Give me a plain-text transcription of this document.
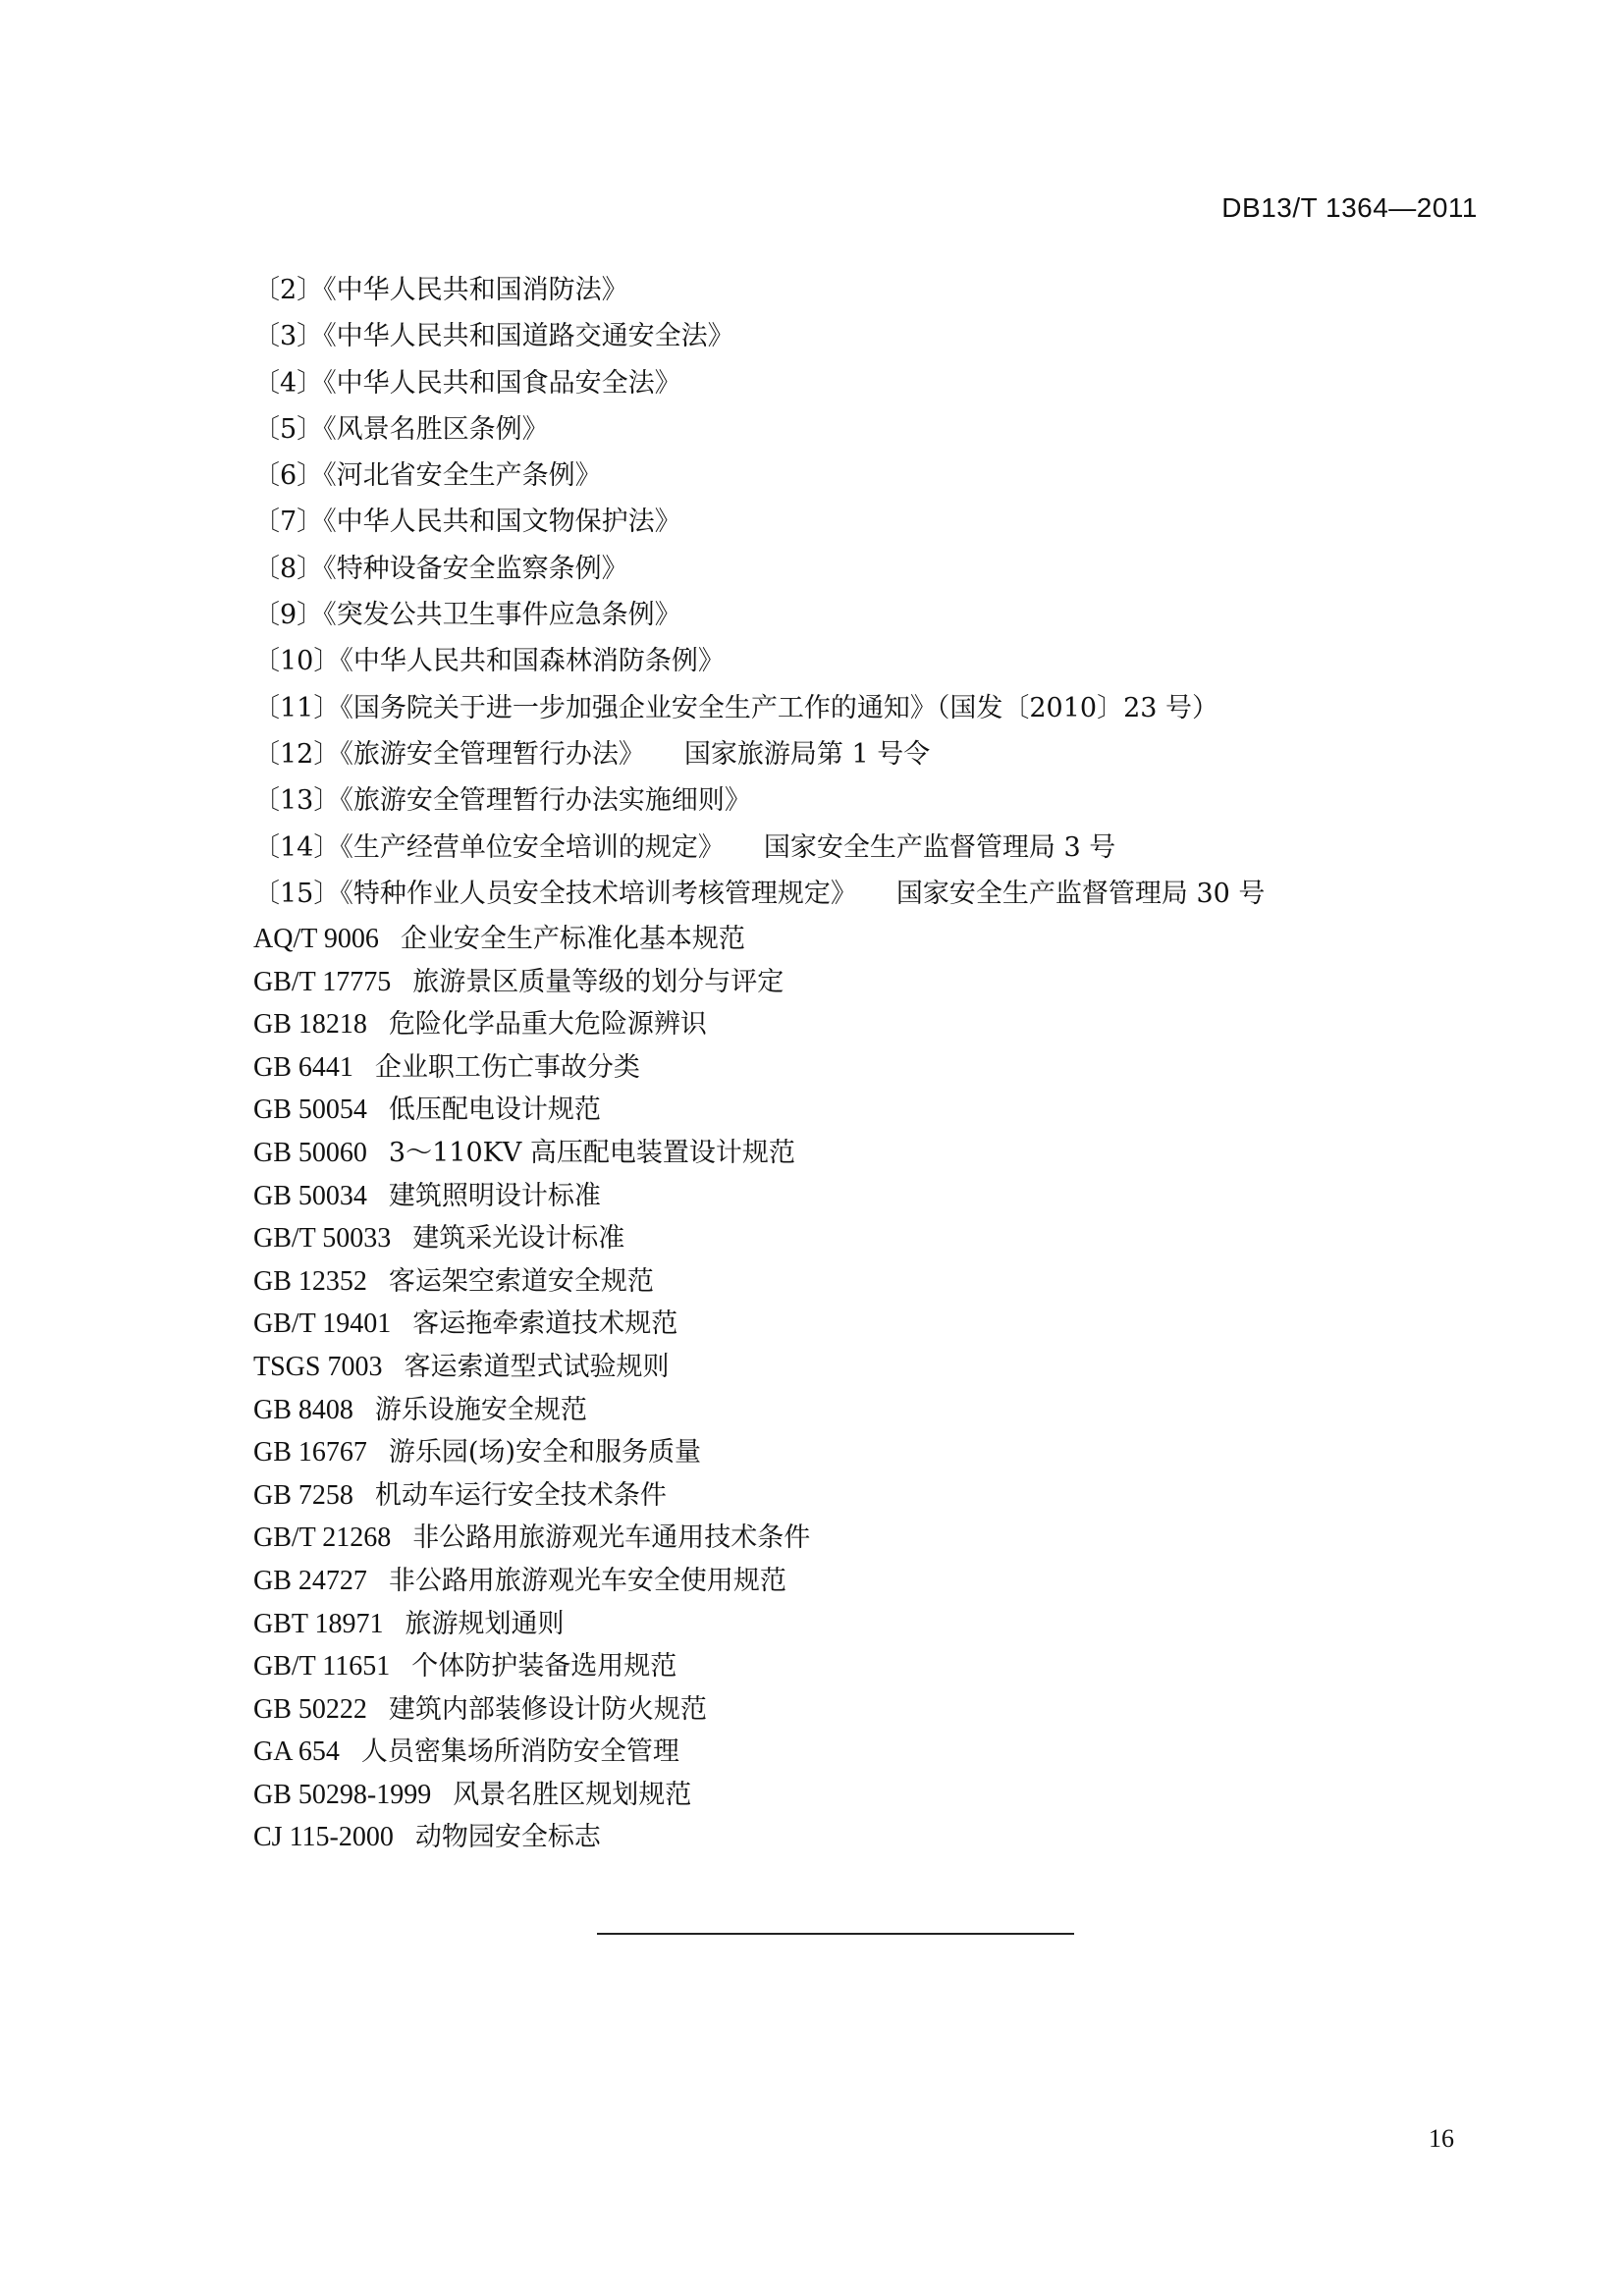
DB13/T 1364—2011
〔2〕《中华人民共和国消防法》
〔3〕《中华人民共和国道路交通安全法》
〔4〕《中华人民共和国食品安全法》
〔5〕《风景名胜区条例》
〔6〕《河北省安全生产条例》
〔7〕《中华人民共和国文物保护法》
〔8〕《特种设备安全监察条例》
〔9〕《突发公共卫生事件应急条例》
〔10〕《中华人民共和国森林消防条例》
〔11〕《国务院关于进一步加强企业安全生产工作的通知》（国发〔2010〕23 号）
〔12〕《旅游安全管理暂行办法》 国家旅游局第 1 号令
〔13〕《旅游安全管理暂行办法实施细则》
〔14〕《生产经营单位安全培训的规定》 国家安全生产监督管理局 3 号
〔15〕《特种作业人员安全技术培训考核管理规定》 国家安全生产监督管理局 30 号
AQ/T 9006 企业安全生产标准化基本规范
GB/T 17775 旅游景区质量等级的划分与评定
GB 18218 危险化学品重大危险源辨识
GB 6441 企业职工伤亡事故分类
GB 50054 低压配电设计规范
GB 50060 3～110KV 高压配电装置设计规范
GB 50034 建筑照明设计标准
GB/T 50033 建筑采光设计标准
GB 12352 客运架空索道安全规范
GB/T 19401 客运拖牵索道技术规范
TSGS 7003 客运索道型式试验规则
GB 8408 游乐设施安全规范
GB 16767 游乐园(场)安全和服务质量
GB 7258 机动车运行安全技术条件
GB/T 21268 非公路用旅游观光车通用技术条件
GB 24727 非公路用旅游观光车安全使用规范
GBT 18971 旅游规划通则
GB/T 11651 个体防护装备选用规范
GB 50222 建筑内部装修设计防火规范
GA 654 人员密集场所消防安全管理
GB 50298-1999 风景名胜区规划规范
CJ 115-2000 动物园安全标志
16
